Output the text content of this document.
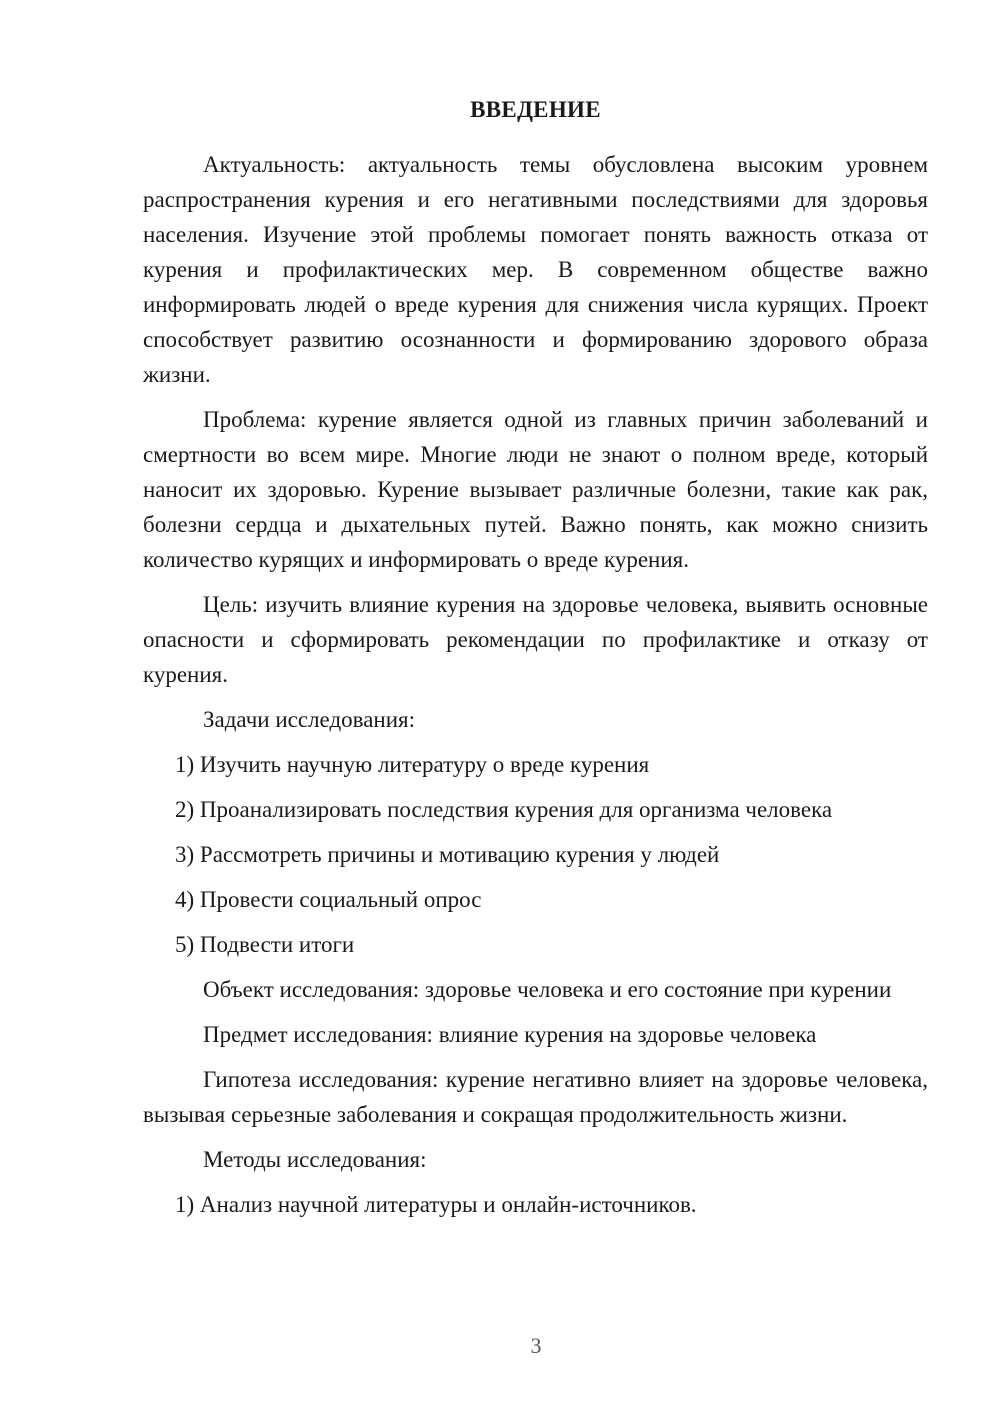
ВВЕДЕНИЕ

Актуальность: актуальность темы обусловлена высоким уровнем распространения курения и его негативными последствиями для здоровья населения. Изучение этой проблемы помогает понять важность отказа от курения и профилактических мер. В современном обществе важно информировать людей о вреде курения для снижения числа курящих. Проект способствует развитию осознанности и формированию здорового образа жизни.

Проблема: курение является одной из главных причин заболеваний и смертности во всем мире. Многие люди не знают о полном вреде, который наносит их здоровью. Курение вызывает различные болезни, такие как рак, болезни сердца и дыхательных путей. Важно понять, как можно снизить количество курящих и информировать о вреде курения.

Цель: изучить влияние курения на здоровье человека, выявить основные опасности и сформировать рекомендации по профилактике и отказу от курения.

Задачи исследования:

1) Изучить научную литературу о вреде курения

2) Проанализировать последствия курения для организма человека

3) Рассмотреть причины и мотивацию курения у людей

4) Провести социальный опрос

5) Подвести итоги

Объект исследования: здоровье человека и его состояние при курении

Предмет исследования: влияние курения на здоровье человека

Гипотеза исследования: курение негативно влияет на здоровье человека, вызывая серьезные заболевания и сокращая продолжительность жизни.

Методы исследования:

1) Анализ научной литературы и онлайн-источников.

3
